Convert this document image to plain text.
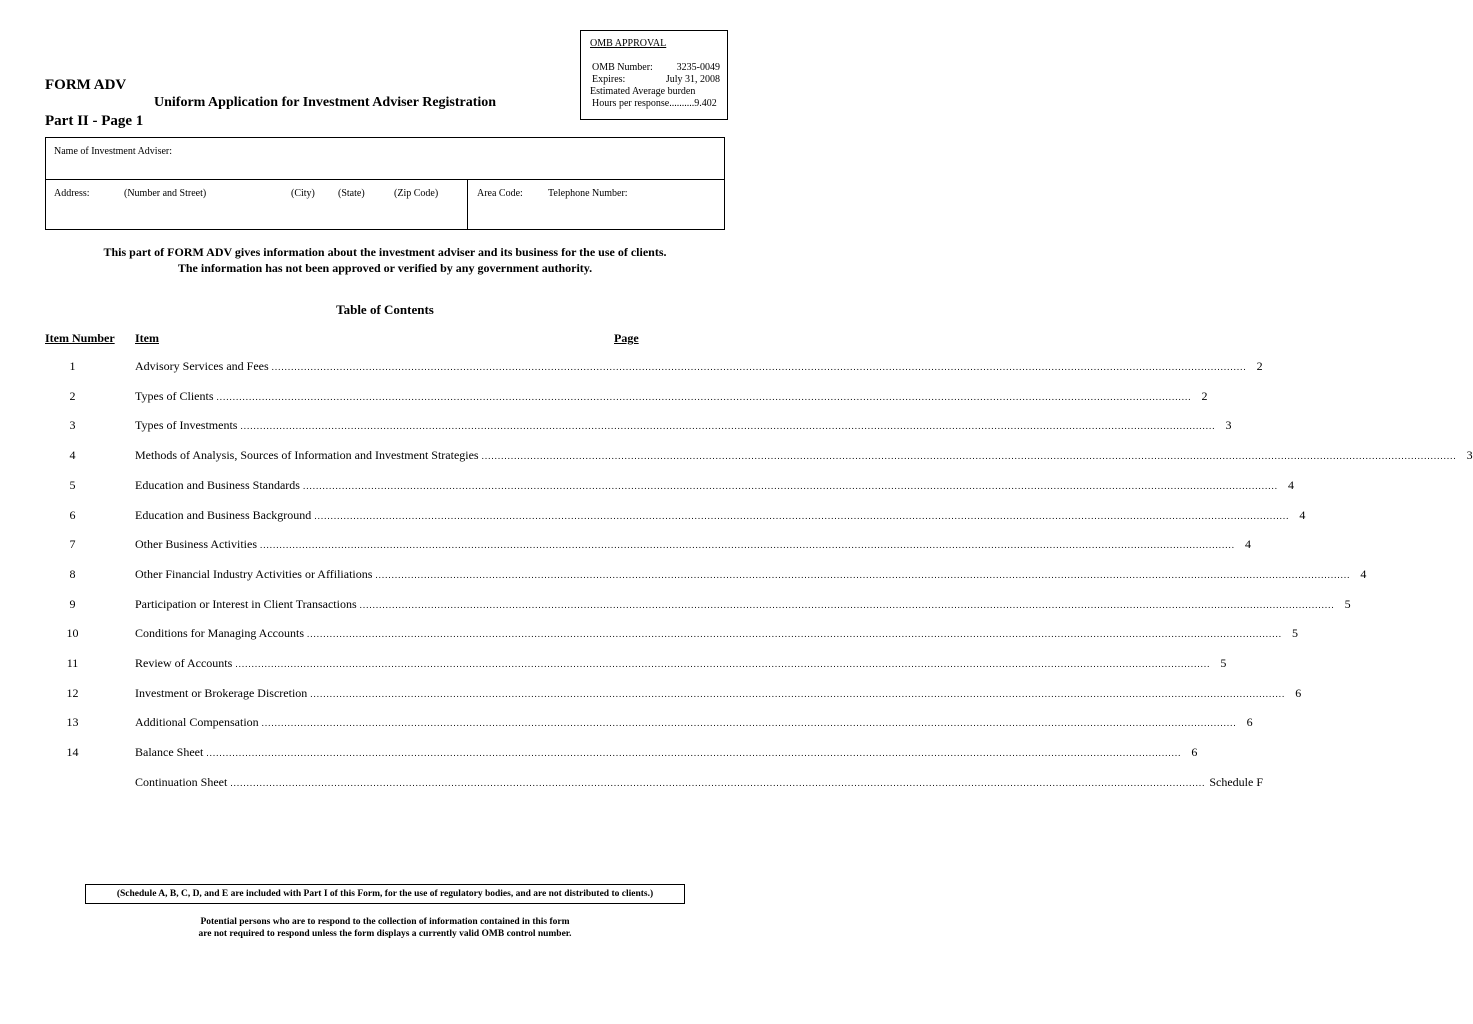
OMB APPROVAL
OMB Number: 3235-0049
Expires:	July 31, 2008
Estimated Average burden
Hours per response..........9.402
FORM ADV
Uniform Application for Investment Adviser Registration
Part II - Page 1
Name of Investment Adviser:
Address:	(Number and Street)	(City) (State)	(Zip Code)	Area Code:	Telephone Number:
This part of FORM ADV gives information about the investment adviser and its business for the use of clients.
The information has not been approved or verified by any government authority.
Table of Contents
Item Number Item	Page
1	Advisory Services and Fees ............................................................................................................................................................................................................................................................................................................ 2
2	Types of Clients ............................................................................................................................................................................................................................................................................................................ 2
3	Types of Investments ............................................................................................................................................................................................................................................................................................................ 3
4	Methods of Analysis, Sources of Information and Investment Strategies ............................................................................................................................................................................................................................................................................................................ 3
5	Education and Business Standards ............................................................................................................................................................................................................................................................................................................ 4
6	Education and Business Background ............................................................................................................................................................................................................................................................................................................ 4
7	Other Business Activities ............................................................................................................................................................................................................................................................................................................ 4
8	Other Financial Industry Activities or Affiliations ............................................................................................................................................................................................................................................................................................................ 4
9	Participation or Interest in Client Transactions ............................................................................................................................................................................................................................................................................................................ 5
10	Conditions for Managing Accounts ............................................................................................................................................................................................................................................................................................................ 5
11	Review of Accounts ............................................................................................................................................................................................................................................................................................................ 5
12	Investment or Brokerage Discretion ............................................................................................................................................................................................................................................................................................................ 6
13	Additional Compensation ............................................................................................................................................................................................................................................................................................................ 6
14	Balance Sheet ............................................................................................................................................................................................................................................................................................................ 6
Continuation Sheet ............................................................................................................................................................................................................................................................................................................ Schedule F
(Schedule A, B, C, D, and E are included with Part I of this Form, for the use of regulatory bodies, and are not distributed to clients.)
Potential persons who are to respond to the collection of information contained in this form
are not required to respond unless the form displays a currently valid OMB control number.
